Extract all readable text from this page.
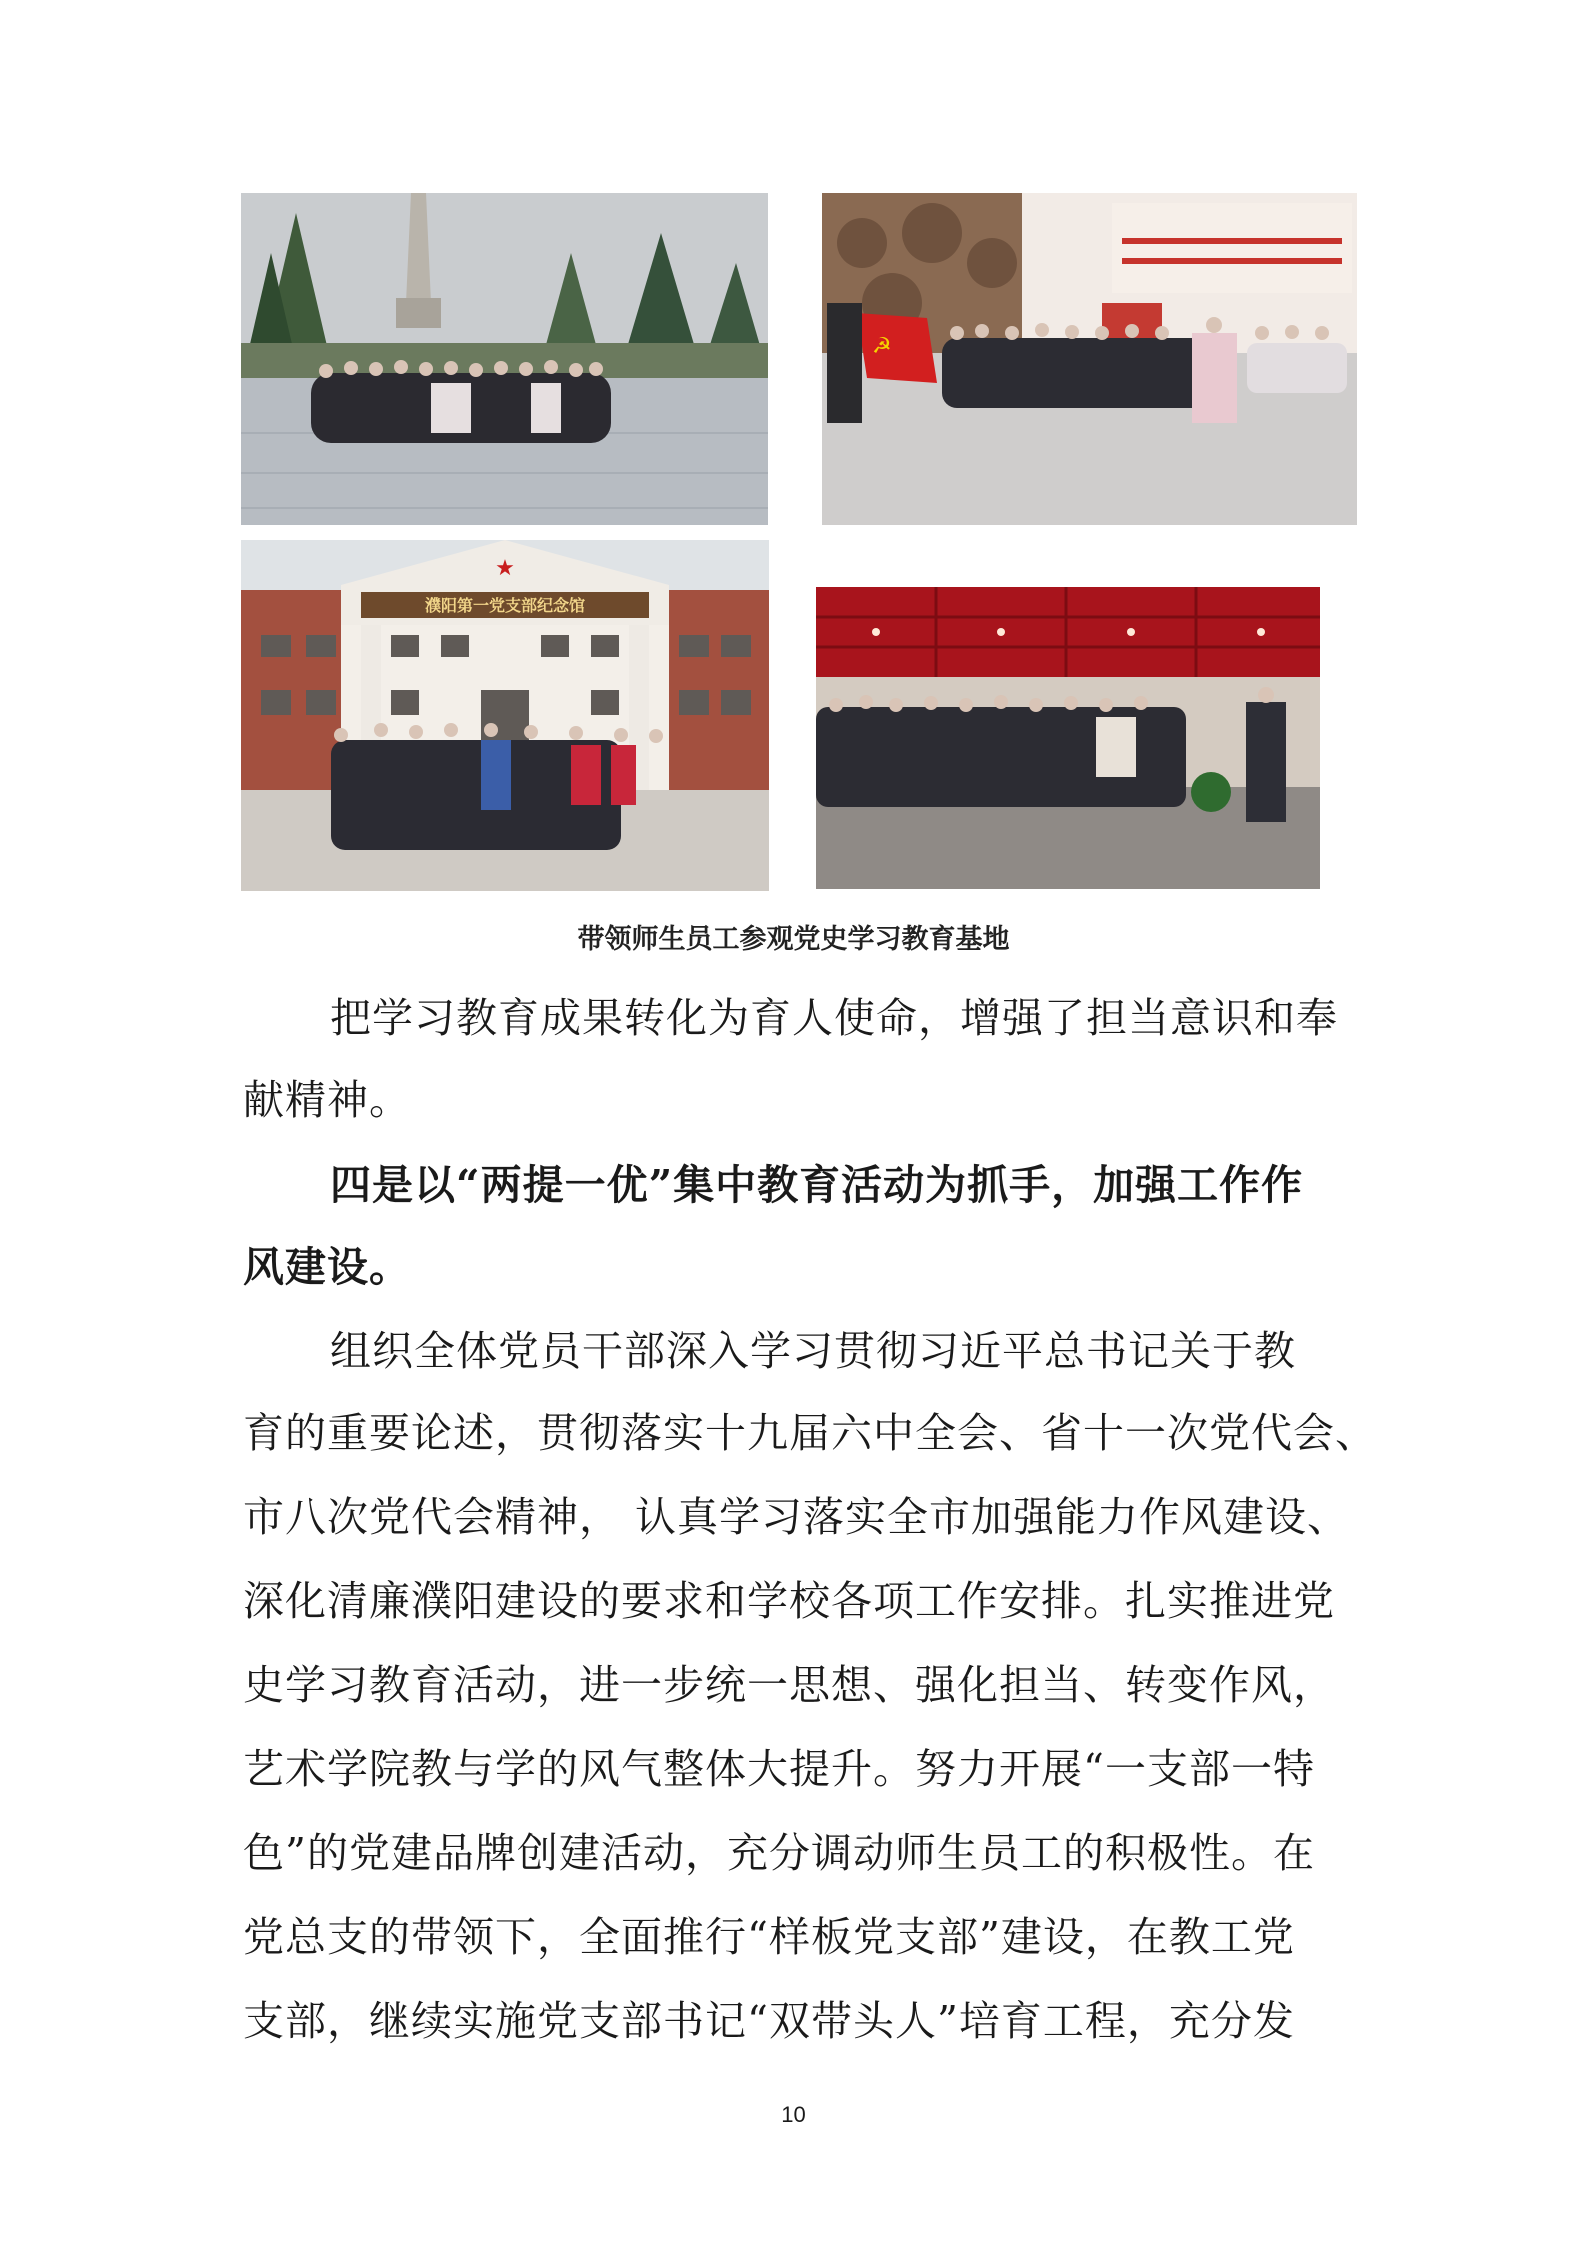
☭
★
濮阳第一党支部纪念馆
带领师生员工参观党史学习教育基地
把学习教育成果转化为育人使命，增强了担当意识和奉
献精神。
四是以“两提一优”集中教育活动为抓手，加强工作作
风建设。
组织全体党员干部深入学习贯彻习近平总书记关于教
育的重要论述，贯彻落实十九届六中全会、省十一次党代会、
市八次党代会精神， 认真学习落实全市加强能力作风建设、
深化清廉濮阳建设的要求和学校各项工作安排。扎实推进党
史学习教育活动，进一步统一思想、强化担当、转变作风，
艺术学院教与学的风气整体大提升。努力开展“一支部一特
色”的党建品牌创建活动，充分调动师生员工的积极性。在
党总支的带领下，全面推行“样板党支部”建设，在教工党
支部，继续实施党支部书记“双带头人”培育工程，充分发
10
